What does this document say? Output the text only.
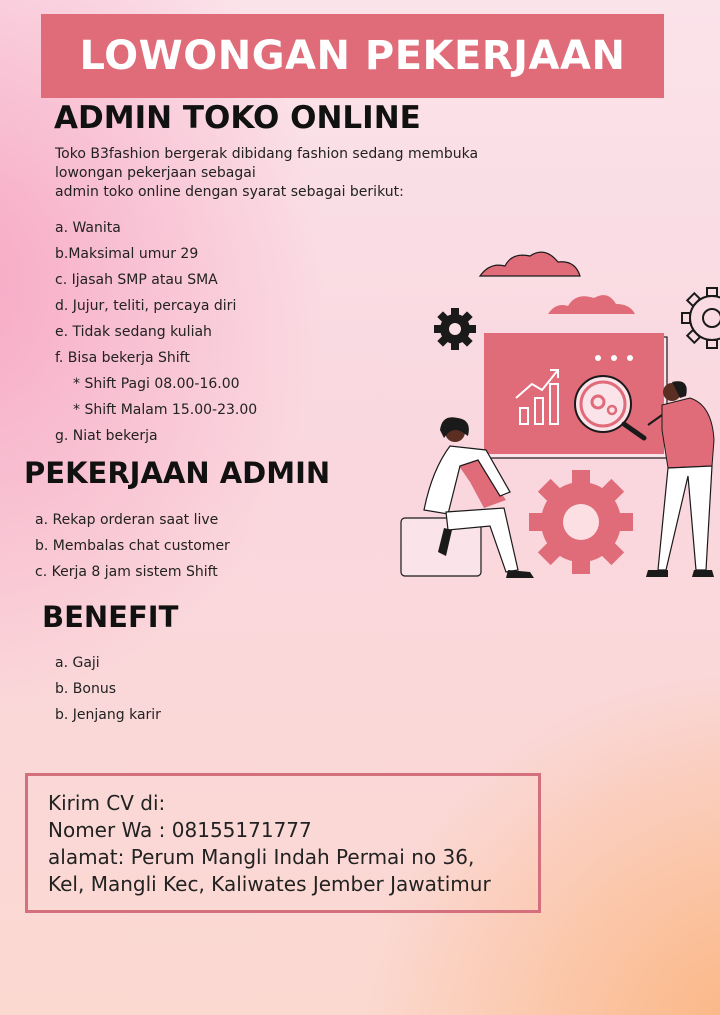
LOWONGAN PEKERJAAN
ADMIN TOKO ONLINE
Toko B3fashion bergerak dibidang fashion sedang membuka
lowongan pekerjaan sebagai
admin toko online dengan syarat sebagai berikut:
a. Wanita
b.Maksimal umur 29
c. Ijasah SMP atau SMA
d. Jujur, teliti, percaya diri
e. Tidak sedang kuliah
f. Bisa bekerja Shift
* Shift Pagi 08.00-16.00
* Shift Malam 15.00-23.00
g. Niat bekerja
PEKERJAAN ADMIN
a. Rekap orderan saat live
b. Membalas chat customer
c. Kerja 8 jam sistem Shift
BENEFIT
a. Gaji
b. Bonus
b. Jenjang karir
Kirim CV di:
Nomer Wa : 08155171777
alamat: Perum Mangli Indah Permai no 36,
Kel, Mangli Kec, Kaliwates Jember Jawatimur
